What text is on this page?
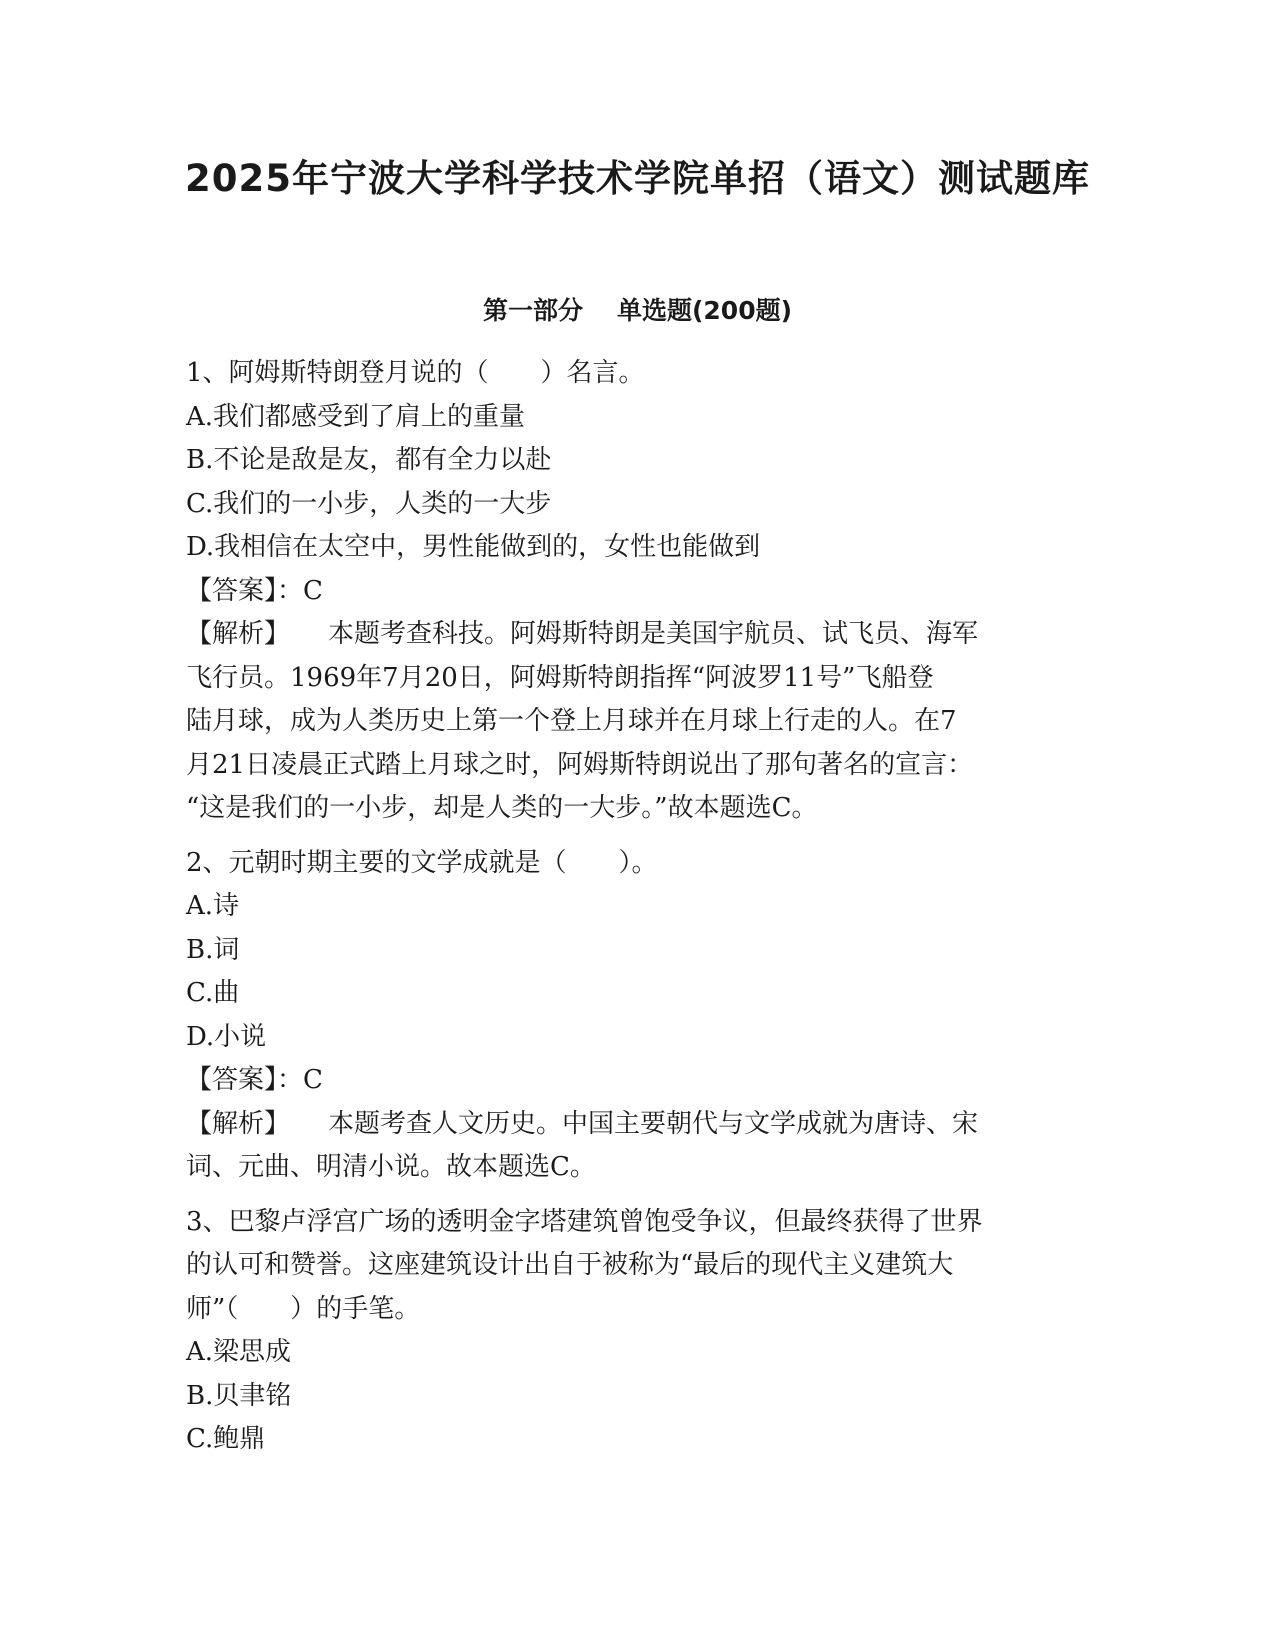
2025年宁波大学科学技术学院单招（语文）测试题库
第一部分 单选题(200题)
1、阿姆斯特朗登月说的（　　）名言。
A.我们都感受到了肩上的重量
B.不论是敌是友，都有全力以赴
C.我们的一小步，人类的一大步
D.我相信在太空中，男性能做到的，女性也能做到
【答案】：C
【解析】 本题考查科技。阿姆斯特朗是美国宇航员、试飞员、海军
飞行员。1969年7月20日，阿姆斯特朗指挥“阿波罗11号”飞船登
陆月球，成为人类历史上第一个登上月球并在月球上行走的人。在7
月21日凌晨正式踏上月球之时，阿姆斯特朗说出了那句著名的宣言：
“这是我们的一小步，却是人类的一大步。”故本题选C。
2、元朝时期主要的文学成就是（　　）。
A.诗
B.词
C.曲
D.小说
【答案】：C
【解析】 本题考查人文历史。中国主要朝代与文学成就为唐诗、宋
词、元曲、明清小说。故本题选C。
3、巴黎卢浮宫广场的透明金字塔建筑曾饱受争议，但最终获得了世界
的认可和赞誉。这座建筑设计出自于被称为“最后的现代主义建筑大
师”（　　）的手笔。
A.梁思成
B.贝聿铭
C.鲍鼎
